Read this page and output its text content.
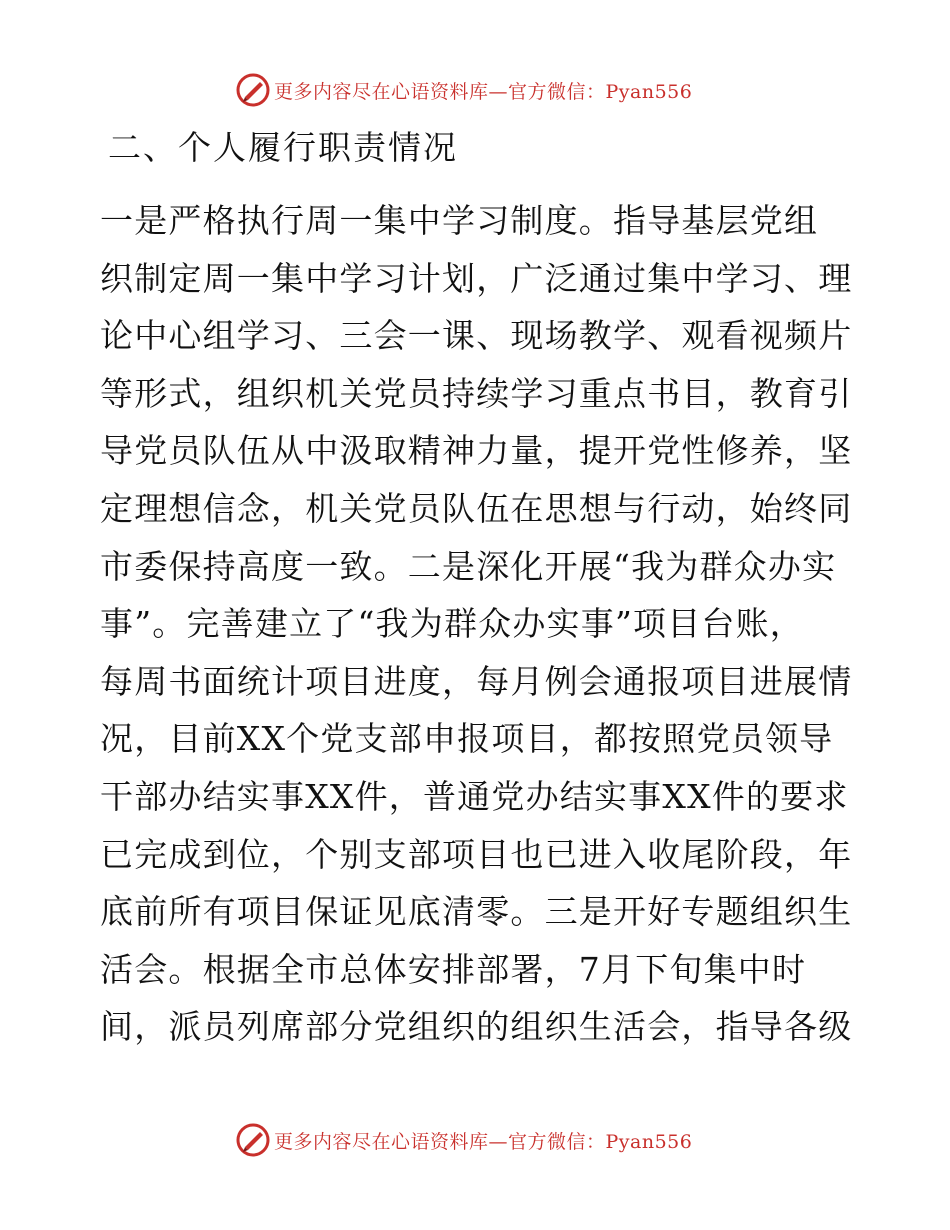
更多内容尽在心语资料库—官方微信：Pyan556
二、个人履行职责情况
一是严格执行周一集中学习制度。指导基层党组
织制定周一集中学习计划，广泛通过集中学习、理
论中心组学习、三会一课、现场教学、观看视频片
等形式，组织机关党员持续学习重点书目，教育引
导党员队伍从中汲取精神力量，提开党性修养，坚
定理想信念，机关党员队伍在思想与行动，始终同
市委保持高度一致。二是深化开展“我为群众办实
事”。完善建立了“我为群众办实事”项目台账，
每周书面统计项目进度，每月例会通报项目进展情
况，目前XX个党支部申报项目，都按照党员领导
干部办结实事XX件，普通党办结实事XX件的要求
已完成到位，个别支部项目也已进入收尾阶段，年
底前所有项目保证见底清零。三是开好专题组织生
活会。根据全市总体安排部署，7月下旬集中时
间，派员列席部分党组织的组织生活会，指导各级
更多内容尽在心语资料库—官方微信：Pyan556
